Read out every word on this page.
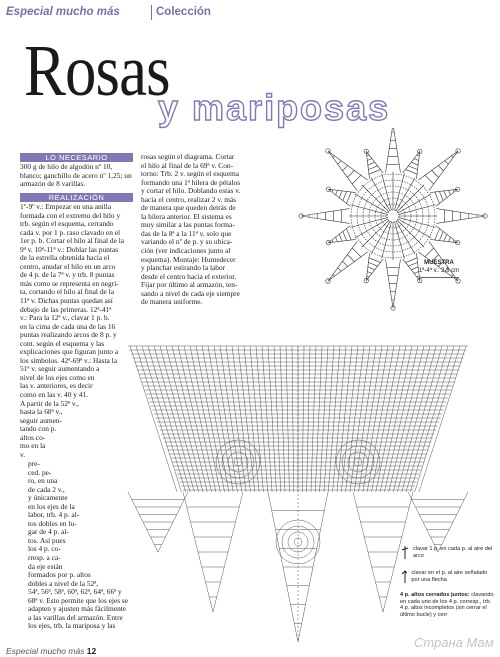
Especial mucho más	Colección
Rosas
y mariposas
LO NECESARIO
300 g de hilo de algodón nº 10, blanco; ganchillo de acero nº 1,25; un armazón de 8 varillas.
REALIZACIÓN

1º-9º v.: Empezar en una anilla

formada con el extremo del hilo y

trb. según el esquema, cerrando

cada v. por 1 p. raso clavado en el

1er p. b. Cortar el hilo al final de la

9ª v. 10ª-11ª v.: Doblar las puntas

de la estrella obtenida hacia el

centro, anudar el hilo en un arco

de 4 p. de la 7ª v. y trb. 8 puntas

más como se representa en negri-

ta, cortando el hilo al final de la

11ª v. Dichas puntas quedan así

debajo de las primeras. 12ª-41ª

v.: Para la 12ª v., clavar 1 p. b.

en la cima de cada una de las 16

puntas realizando arcos de 8 p. y

cont. según el esquema y las

explicaciones que figuran junto a

los símbolos. 42ª-69ª v.: Hasta la

51ª v. seguir aumentando a

nivel de los ejes como en

las v. anteriores, es decir

como en las v. 40 y 41.

A partir de la 52ª v.,

hasta la 68ª v.,

seguir aumen-

tando con p.

altos co-

mo en la

v.

pre-

ced. pe-

ro, en una

de cada 2 v.,

y únicamente

en los ejes de la

labor, trb. 4 p. al-

tos dobles en lu-

gar de 4 p. al-

tos. Así pues

los 4 p. co-

rresp. a ca-

da eje están

formados por p. altos

dobles a nivel de la 52ª,

54ª, 56ª, 58ª, 60ª, 62ª, 64ª, 66ª y

68ª v. Esto permite que los ejes se

adapten y ajusten más fácilmente

a las varillas del armazón. Entre

los ejes, trb. la mariposa y las

rosas según el diagrama. Cortar

el hilo al final de la 69ª v. Con-

torno: Trb. 2 v. según el esquema

formando una 1ª hilera de pétalos

y cortar el hilo. Doblando estas v.

hacia el centro, realizar 2 v. más

de manera que queden detrás de

la hilera anterior. El sistema es

muy similar a las puntas forma-

das de la 8ª a la 11ª v. solo que

variando el nº de p. y su ubica-

ción (ver indicaciones junto al

esquema). Montaje: Humedecer

y planchar estirando la labor

desde el centro hacia el exterior.

Fijar por último al armazón, ten-

sando a nivel de cada eje siempre

de manera uniforme.

MUESTRA
1ª-4ª v.: 2,5 cm
clavar 1 p. en cada p. al aire del arco
clavar en el p. al aire señalado por una flecha
4 p. altos cerrados juntos: clavando en cada uno de los 4 p. corresp., trb. 4 p. altos incompletos (sin cerrar el último bucle) y cerr
Especial mucho más 12
Страна Мам
